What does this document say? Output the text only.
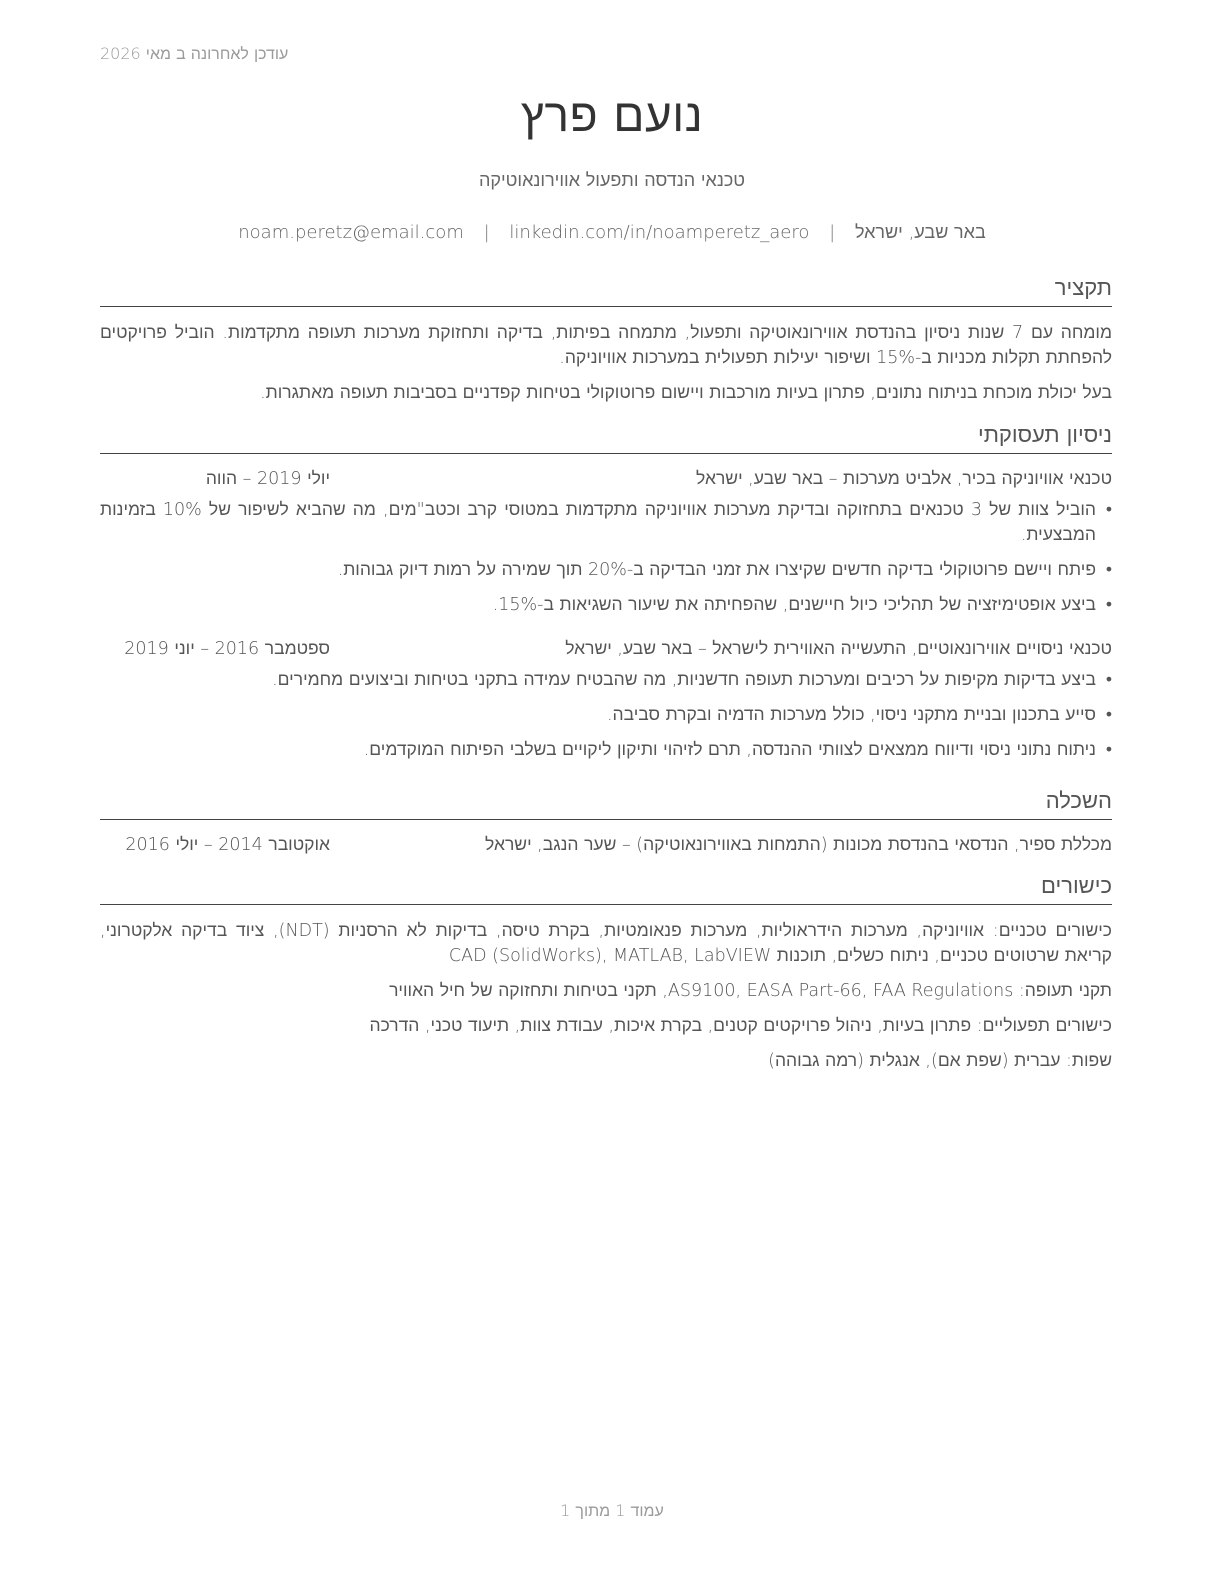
עודכן לאחרונה ב מאי 2026
נועם פרץ
טכנאי הנדסה ותפעול אווירונאוטיקה
באר שבע, ישראל | noam.peretz@email.com | linkedin.com/in/noamperetz_aero
תקציר

מומחה עם 7 שנות ניסיון בהנדסת אווירונאוטיקה ותפעול, מתמחה בפיתות, בדיקה ותחזוקת מערכות תעופה מתקדמות. הוביל פרויקטים להפחתת תקלות מכניות ב-15% ושיפור יעילות תפעולית במערכות אוויוניקה.

בעל יכולת מוכחת בניתוח נתונים, פתרון בעיות מורכבות ויישום פרוטוקולי בטיחות קפדניים בסביבות תעופה מאתגרות.

ניסיון תעסוקתי
טכנאי אוויוניקה בכיר, אלביט מערכות – באר שבע, ישראל
יולי 2019 – הווה
• הוביל צוות של 3 טכנאים בתחזוקה ובדיקת מערכות אוויוניקה מתקדמות במטוסי קרב וכטב"מים, מה שהביא לשיפור של 10% בזמינות המבצעית.
• פיתח ויישם פרוטוקולי בדיקה חדשים שקיצרו את זמני הבדיקה ב-20% תוך שמירה על רמות דיוק גבוהות.
• ביצע אופטימיזציה של תהליכי כיול חיישנים, שהפחיתה את שיעור השגיאות ב-15%.
טכנאי ניסויים אווירונאוטיים, התעשייה האווירית לישראל – באר שבע, ישראל
ספטמבר 2016 – יוני 2019
• ביצע בדיקות מקיפות על רכיבים ומערכות תעופה חדשניות, מה שהבטיח עמידה בתקני בטיחות וביצועים מחמירים.
• סייע בתכנון ובניית מתקני ניסוי, כולל מערכות הדמיה ובקרת סביבה.
• ניתוח נתוני ניסוי ודיווח ממצאים לצוותי ההנדסה, תרם לזיהוי ותיקון ליקויים בשלבי הפיתוח המוקדמים.
השכלה
מכללת ספיר, הנדסאי בהנדסת מכונות (התמחות באווירונאוטיקה) – שער הנגב, ישראל
אוקטובר 2014 – יולי 2016
כישורים

כישורים טכניים: אוויוניקה, מערכות הידראוליות, מערכות פנאומטיות, בקרת טיסה, בדיקות לא הרסניות (NDT), ציוד בדיקה אלקטרוני, קריאת שרטוטים טכניים, ניתוח כשלים, תוכנות CAD (SolidWorks), MATLAB, LabVIEW

תקני תעופה: AS9100, EASA Part-66, FAA Regulations, תקני בטיחות ותחזוקה של חיל האוויר

כישורים תפעוליים: פתרון בעיות, ניהול פרויקטים קטנים, בקרת איכות, עבודת צוות, תיעוד טכני, הדרכה

שפות: עברית (שפת אם), אנגלית (רמה גבוהה)

עמוד 1 מתוך 1
